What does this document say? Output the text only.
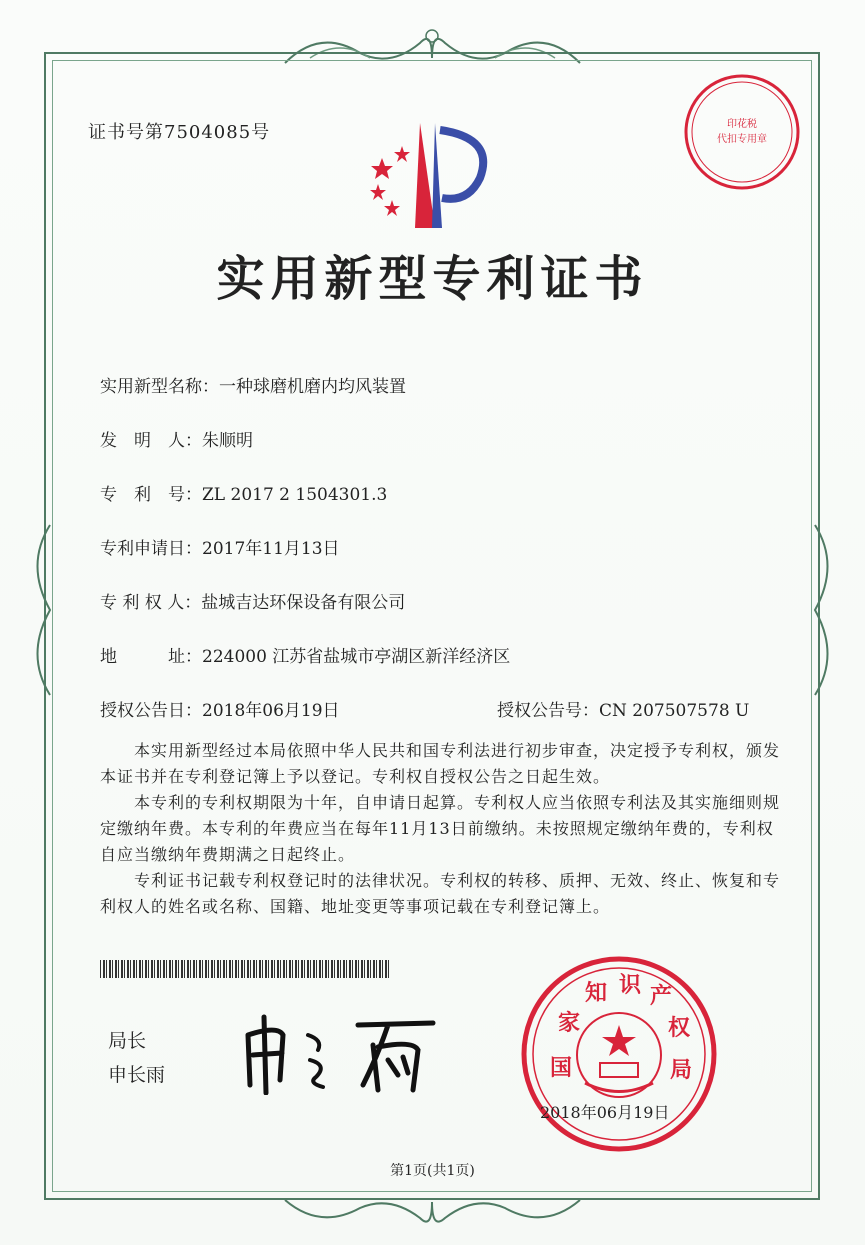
证书号第7504085号	印花税
代扣专用章
实用新型专利证书
实用新型名称：一种球磨机磨内均风装置
发　明　人：朱顺明
专　利　号：ZL 2017 2 1504301.3
专利申请日：2017年11月13日
专 利 权 人：盐城吉达环保设备有限公司
地　　　址：224000 江苏省盐城市亭湖区新洋经济区
授权公告日：2018年06月19日	授权公告号：CN 207507578 U

本实用新型经过本局依照中华人民共和国专利法进行初步审查，决定授予专利权，颁发本证书并在专利登记簿上予以登记。专利权自授权公告之日起生效。

本专利的专利权期限为十年，自申请日起算。专利权人应当依照专利法及其实施细则规定缴纳年费。本专利的年费应当在每年11月13日前缴纳。未按照规定缴纳年费的，专利权自应当缴纳年费期满之日起终止。

专利证书记载专利权登记时的法律状况。专利权的转移、质押、无效、终止、恢复和专利权人的姓名或名称、国籍、地址变更等事项记载在专利登记簿上。

局长
申长雨	国
家
知 识 产
权
局
2018年06月19日
第1页(共1页)
